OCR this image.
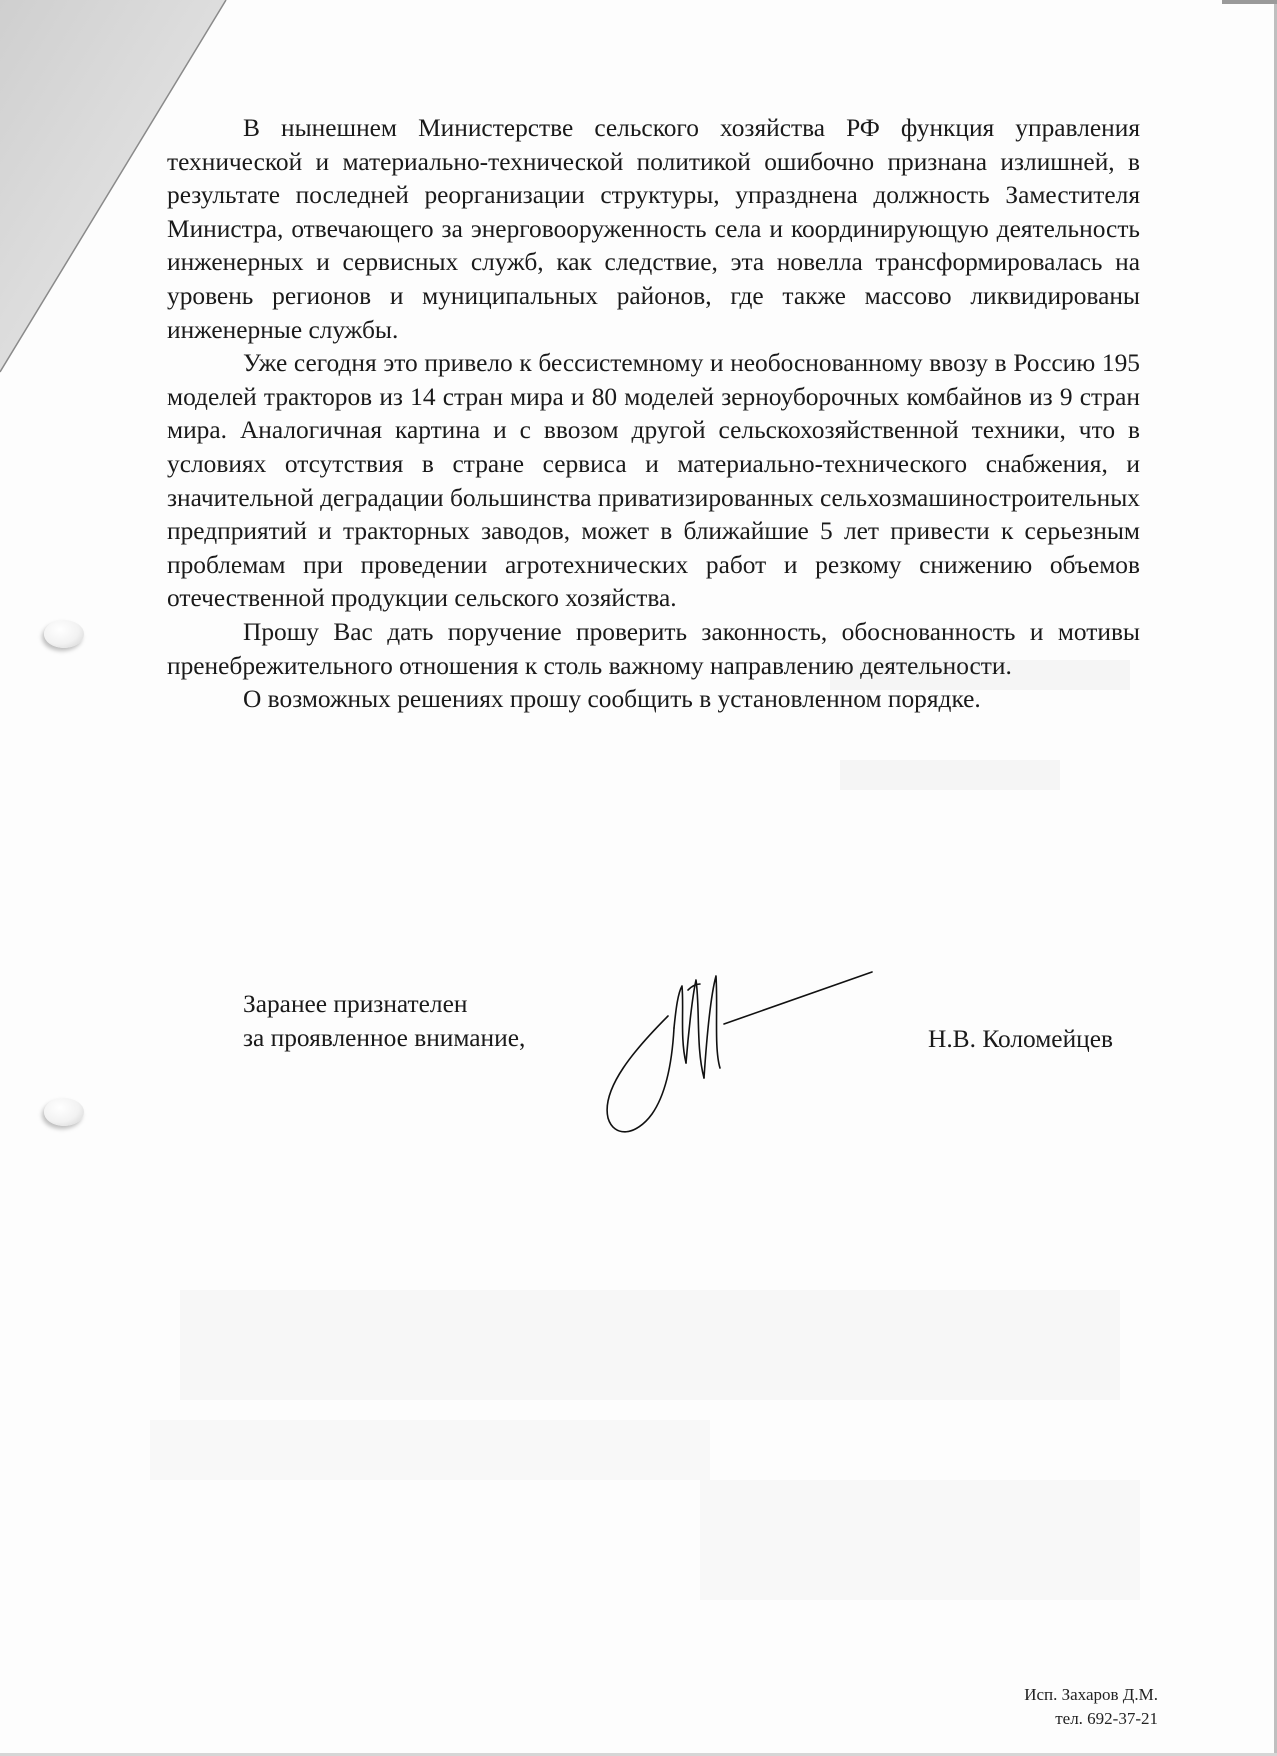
В нынешнем Министерстве сельского хозяйства РФ функция управления технической и материально-технической политикой ошибочно признана излишней, в результате последней реорганизации структуры, упразднена должность Заместителя Министра, отвечающего за энерговооруженность села и координирующую деятельность инженерных и сервисных служб, как следствие, эта новелла трансформировалась на уровень регионов и муниципальных районов, где также массово ликвидированы инженерные службы.

Уже сегодня это привело к бессистемному и необоснованному ввозу в Россию 195 моделей тракторов из 14 стран мира и 80 моделей зерноуборочных комбайнов из 9 стран мира. Аналогичная картина и с ввозом другой сельскохозяйственной техники, что в условиях отсутствия в стране сервиса и материально-технического снабжения, и значительной деградации большинства приватизированных сельхозмашиностроительных предприятий и тракторных заводов, может в ближайшие 5 лет привести к серьезным проблемам при проведении агротехнических работ и резкому снижению объемов отечественной продукции сельского хозяйства.

Прошу Вас дать поручение проверить законность, обоснованность и мотивы пренебрежительного отношения к столь важному направлению деятельности.

О возможных решениях прошу сообщить в установленном порядке.

Заранее признателен
за проявленное внимание,	Н.В. Коломейцев
Исп. Захаров Д.М.
тел. 692-37-21
